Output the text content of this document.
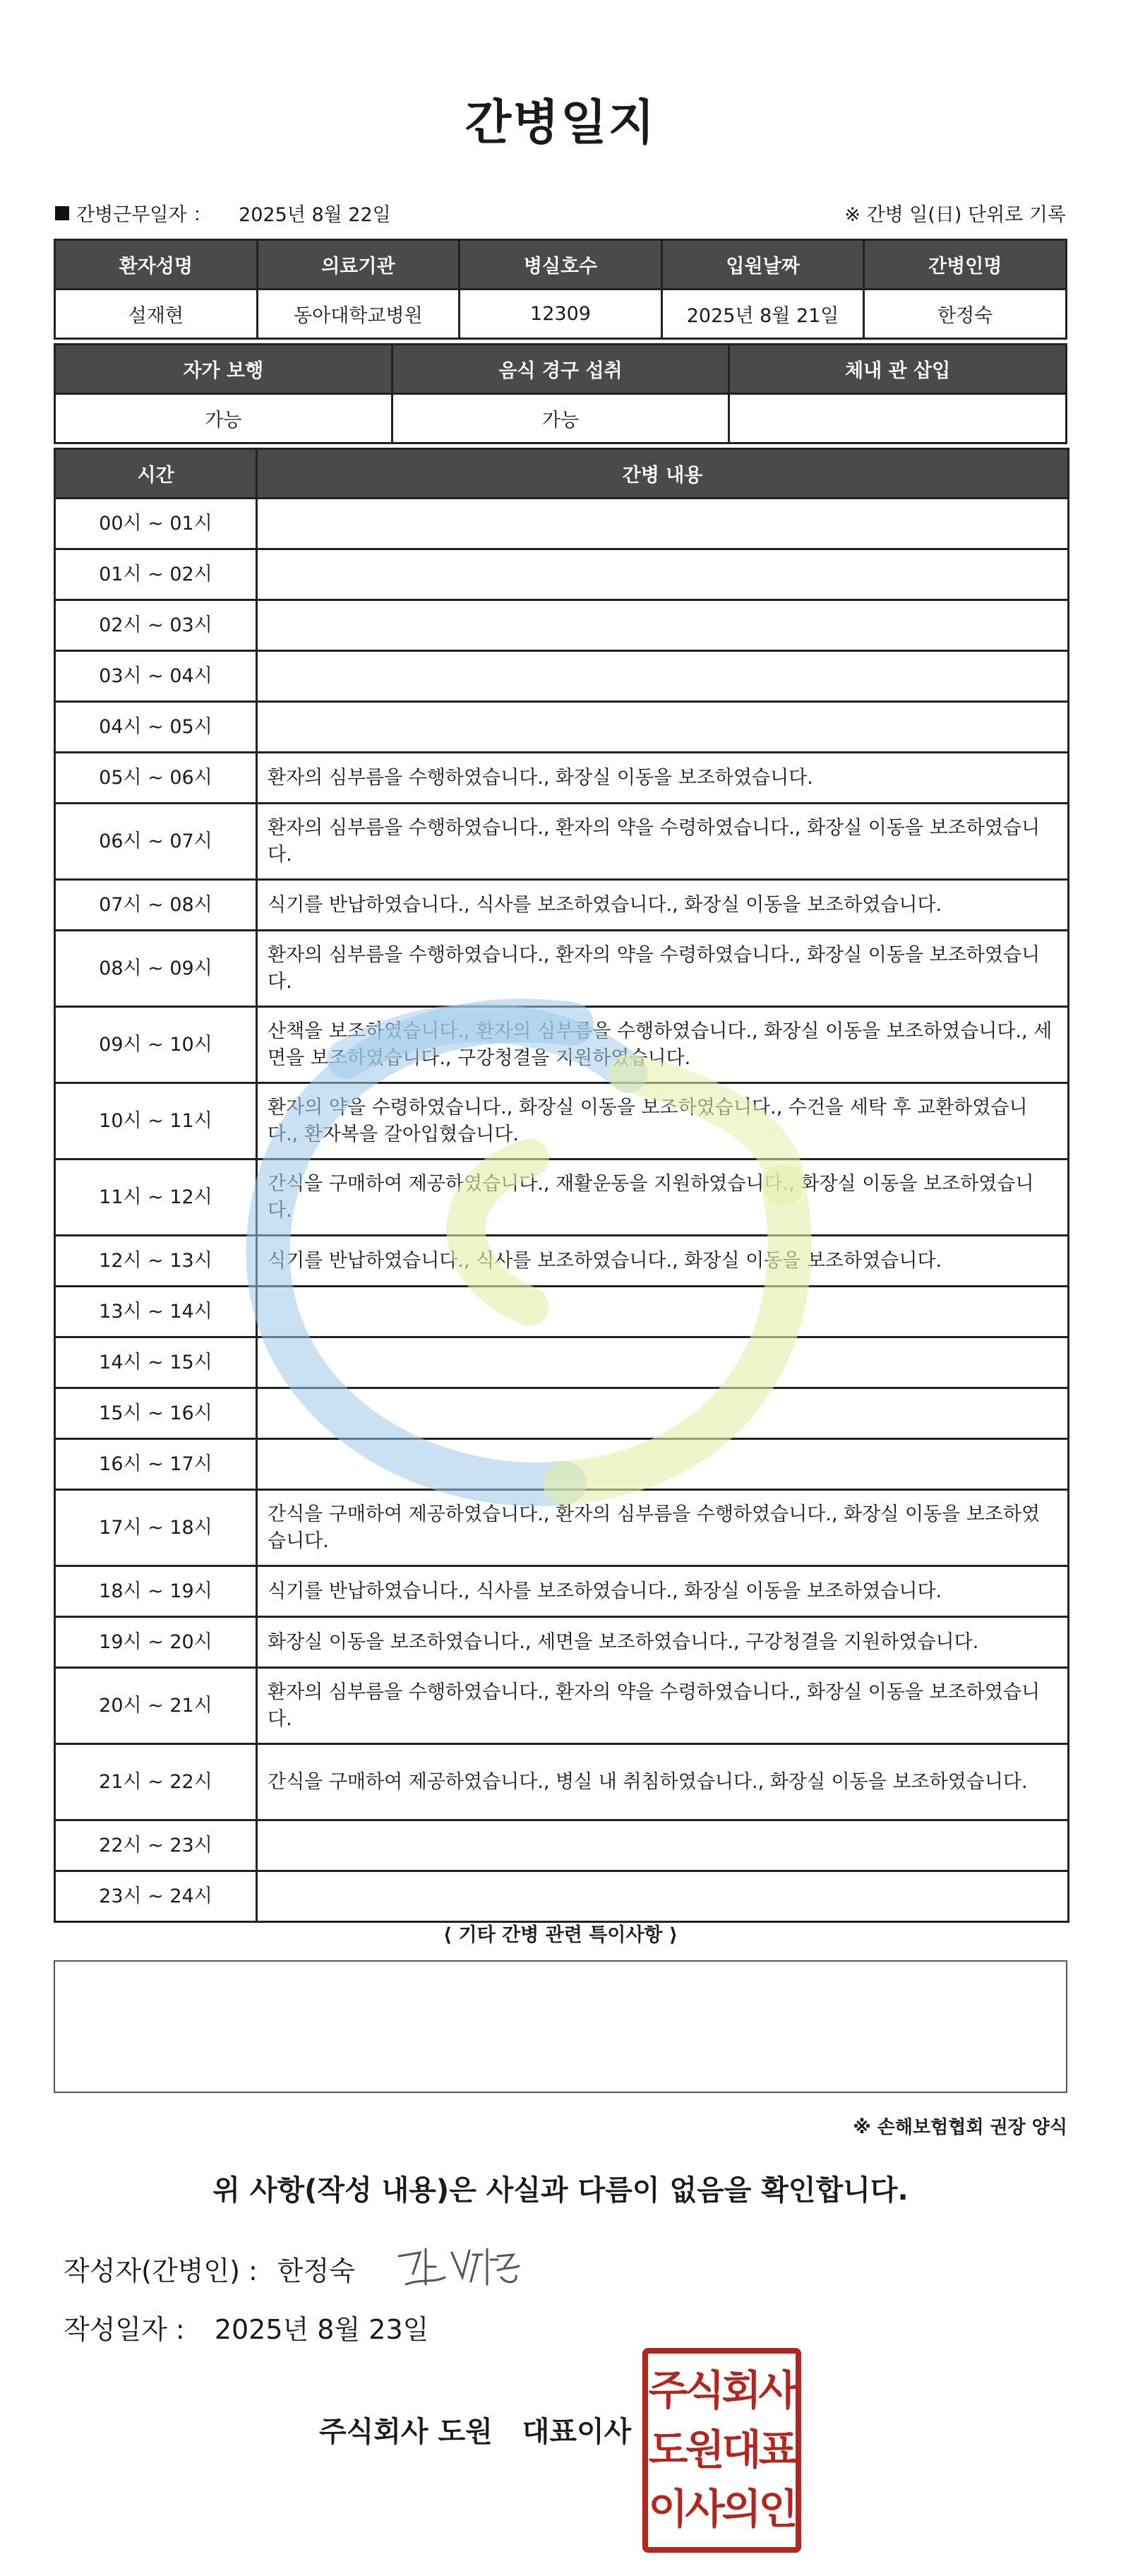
간병일지
간병근무일자 ： 2025년 8월 22일	※ 간병 일(日) 단위로 기록
환자성명	의료기관	병실호수	입원날짜	간병인명
설재현	동아대학교병원	12309	2025년 8월 21일	한정숙
자가 보행	음식 경구 섭취	체내 관 삽입
가능	가능	
시간	간병 내용
00시 ~ 01시	
01시 ~ 02시	
02시 ~ 03시	
03시 ~ 04시	
04시 ~ 05시	
05시 ~ 06시	환자의 심부름을 수행하였습니다., 화장실 이동을 보조하였습니다.
06시 ~ 07시	환자의 심부름을 수행하였습니다., 환자의 약을 수령하였습니다., 화장실 이동을 보조하였습니다.
07시 ~ 08시	식기를 반납하였습니다., 식사를 보조하였습니다., 화장실 이동을 보조하였습니다.
08시 ~ 09시	환자의 심부름을 수행하였습니다., 환자의 약을 수령하였습니다., 화장실 이동을 보조하였습니다.
09시 ~ 10시	산책을 보조하였습니다., 환자의 심부름을 수행하였습니다., 화장실 이동을 보조하였습니다., 세면을 보조하였습니다., 구강청결을 지원하였습니다.
10시 ~ 11시	환자의 약을 수령하였습니다., 화장실 이동을 보조하였습니다., 수건을 세탁 후 교환하였습니다., 환자복을 갈아입혔습니다.
11시 ~ 12시	간식을 구매하여 제공하였습니다., 재활운동을 지원하였습니다., 화장실 이동을 보조하였습니다.
12시 ~ 13시	식기를 반납하였습니다., 식사를 보조하였습니다., 화장실 이동을 보조하였습니다.
13시 ~ 14시	
14시 ~ 15시	
15시 ~ 16시	
16시 ~ 17시	
17시 ~ 18시	간식을 구매하여 제공하였습니다., 환자의 심부름을 수행하였습니다., 화장실 이동을 보조하였습니다.
18시 ~ 19시	식기를 반납하였습니다., 식사를 보조하였습니다., 화장실 이동을 보조하였습니다.
19시 ~ 20시	화장실 이동을 보조하였습니다., 세면을 보조하였습니다., 구강청결을 지원하였습니다.
20시 ~ 21시	환자의 심부름을 수행하였습니다., 환자의 약을 수령하였습니다., 화장실 이동을 보조하였습니다.
21시 ~ 22시	간식을 구매하여 제공하였습니다., 병실 내 취침하였습니다., 화장실 이동을 보조하였습니다.
22시 ~ 23시	
23시 ~ 24시	
⟨ 기타 간병 관련 특이사항 ⟩
※ 손해보험협회 권장 양식
위 사항(작성 내용)은 사실과 다름이 없음을 확인합니다.
작성자(간병인) : 한정숙
작성일자 : 2025년 8월 23일
주식회사 도원 대표이사
주식회사
도원대표
이사의인
